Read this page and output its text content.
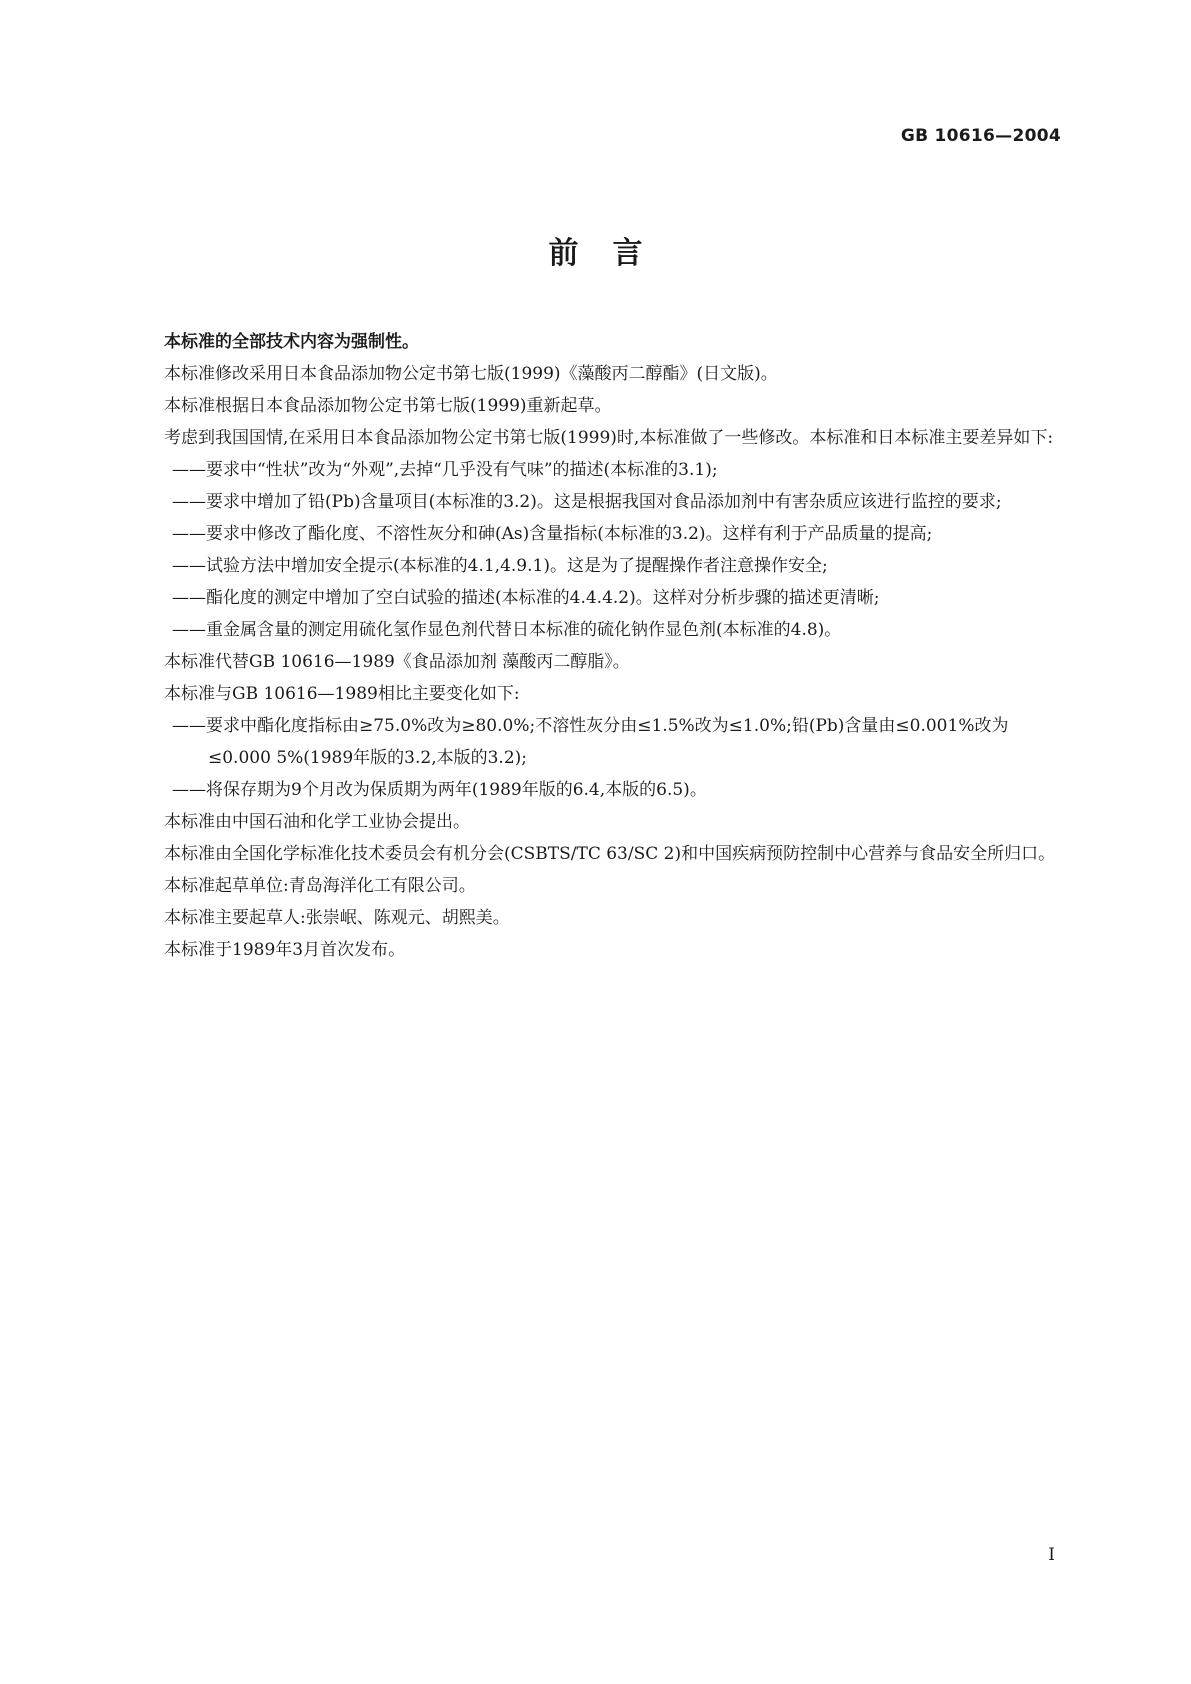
GB 10616—2004
前言

本标准的全部技术内容为强制性。

本标准修改采用日本食品添加物公定书第七版(1999)《藻酸丙二醇酯》(日文版)。

本标准根据日本食品添加物公定书第七版(1999)重新起草。

考虑到我国国情,在采用日本食品添加物公定书第七版(1999)时,本标准做了一些修改。本标准和日本标准主要差异如下:

——要求中“性状”改为“外观”,去掉“几乎没有气味”的描述(本标准的3.1);

——要求中增加了铅(Pb)含量项目(本标准的3.2)。这是根据我国对食品添加剂中有害杂质应该进行监控的要求;

——要求中修改了酯化度、不溶性灰分和砷(As)含量指标(本标准的3.2)。这样有利于产品质量的提高;

——试验方法中增加安全提示(本标准的4.1,4.9.1)。这是为了提醒操作者注意操作安全;

——酯化度的测定中增加了空白试验的描述(本标准的4.4.4.2)。这样对分析步骤的描述更清晰;

——重金属含量的测定用硫化氢作显色剂代替日本标准的硫化钠作显色剂(本标准的4.8)。

本标准代替GB 10616—1989《食品添加剂 藻酸丙二醇脂》。

本标准与GB 10616—1989相比主要变化如下:

——要求中酯化度指标由≥75.0%改为≥80.0%;不溶性灰分由≤1.5%改为≤1.0%;铅(Pb)含量由≤0.001%改为≤0.000 5%(1989年版的3.2,本版的3.2);

——将保存期为9个月改为保质期为两年(1989年版的6.4,本版的6.5)。

本标准由中国石油和化学工业协会提出。

本标准由全国化学标准化技术委员会有机分会(CSBTS/TC 63/SC 2)和中国疾病预防控制中心营养与食品安全所归口。

本标准起草单位:青岛海洋化工有限公司。

本标准主要起草人:张崇岷、陈观元、胡熙美。

本标准于1989年3月首次发布。

I
